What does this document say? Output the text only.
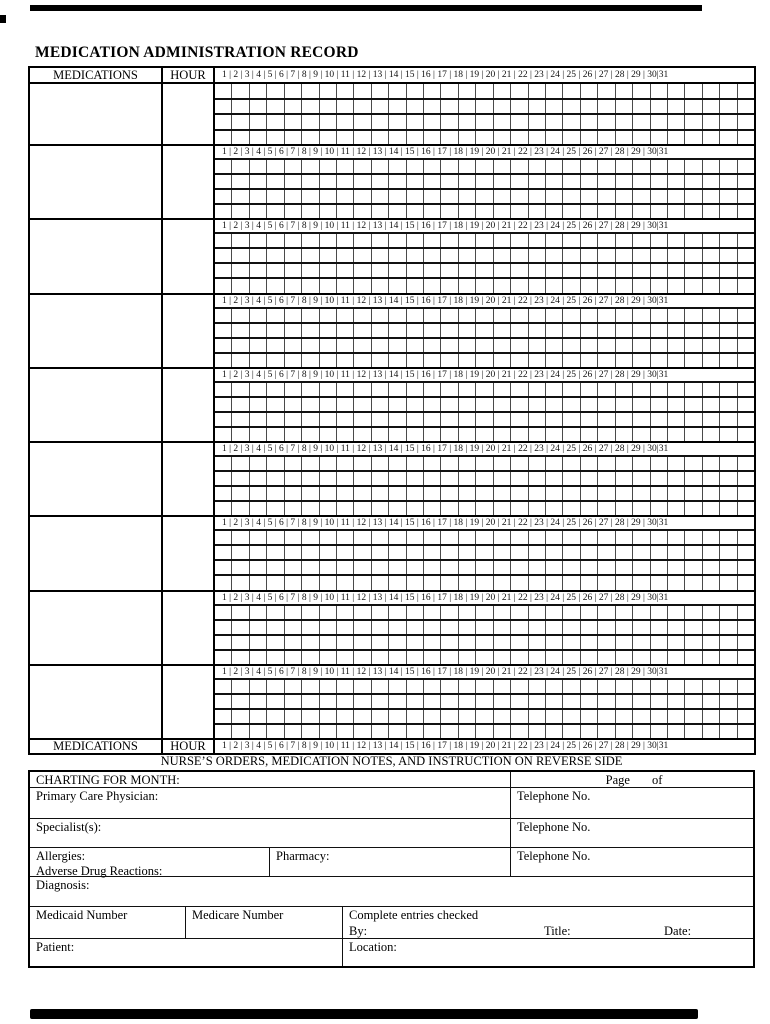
MEDICATION ADMINISTRATION RECORD
MEDICATIONS	HOUR	1 | 2 | 3 | 4 | 5 | 6 | 7 | 8 | 9 | 10 | 11 | 12 | 13 | 14 | 15 | 16 | 17 | 18 | 19 | 20 | 21 | 22 | 23 | 24 | 25 | 26 | 27 | 28 | 29 | 30|31
1 | 2 | 3 | 4 | 5 | 6 | 7 | 8 | 9 | 10 | 11 | 12 | 13 | 14 | 15 | 16 | 17 | 18 | 19 | 20 | 21 | 22 | 23 | 24 | 25 | 26 | 27 | 28 | 29 | 30|31
1 | 2 | 3 | 4 | 5 | 6 | 7 | 8 | 9 | 10 | 11 | 12 | 13 | 14 | 15 | 16 | 17 | 18 | 19 | 20 | 21 | 22 | 23 | 24 | 25 | 26 | 27 | 28 | 29 | 30|31
1 | 2 | 3 | 4 | 5 | 6 | 7 | 8 | 9 | 10 | 11 | 12 | 13 | 14 | 15 | 16 | 17 | 18 | 19 | 20 | 21 | 22 | 23 | 24 | 25 | 26 | 27 | 28 | 29 | 30|31
1 | 2 | 3 | 4 | 5 | 6 | 7 | 8 | 9 | 10 | 11 | 12 | 13 | 14 | 15 | 16 | 17 | 18 | 19 | 20 | 21 | 22 | 23 | 24 | 25 | 26 | 27 | 28 | 29 | 30|31
1 | 2 | 3 | 4 | 5 | 6 | 7 | 8 | 9 | 10 | 11 | 12 | 13 | 14 | 15 | 16 | 17 | 18 | 19 | 20 | 21 | 22 | 23 | 24 | 25 | 26 | 27 | 28 | 29 | 30|31
1 | 2 | 3 | 4 | 5 | 6 | 7 | 8 | 9 | 10 | 11 | 12 | 13 | 14 | 15 | 16 | 17 | 18 | 19 | 20 | 21 | 22 | 23 | 24 | 25 | 26 | 27 | 28 | 29 | 30|31
1 | 2 | 3 | 4 | 5 | 6 | 7 | 8 | 9 | 10 | 11 | 12 | 13 | 14 | 15 | 16 | 17 | 18 | 19 | 20 | 21 | 22 | 23 | 24 | 25 | 26 | 27 | 28 | 29 | 30|31
1 | 2 | 3 | 4 | 5 | 6 | 7 | 8 | 9 | 10 | 11 | 12 | 13 | 14 | 15 | 16 | 17 | 18 | 19 | 20 | 21 | 22 | 23 | 24 | 25 | 26 | 27 | 28 | 29 | 30|31
MEDICATIONS	HOUR	1 | 2 | 3 | 4 | 5 | 6 | 7 | 8 | 9 | 10 | 11 | 12 | 13 | 14 | 15 | 16 | 17 | 18 | 19 | 20 | 21 | 22 | 23 | 24 | 25 | 26 | 27 | 28 | 29 | 30|31
NURSE’S ORDERS, MEDICATION NOTES, AND INSTRUCTION ON REVERSE SIDE
CHARTING FOR MONTH:	Page of
Primary Care Physician:	Telephone No.
Specialist(s):	Telephone No.
Allergies:
Adverse Drug Reactions:
Pharmacy:	Telephone No.
Diagnosis:
Medicaid Number	Medicare Number	Complete entries checked
By:	Title:	Date:
Patient:	Location:
